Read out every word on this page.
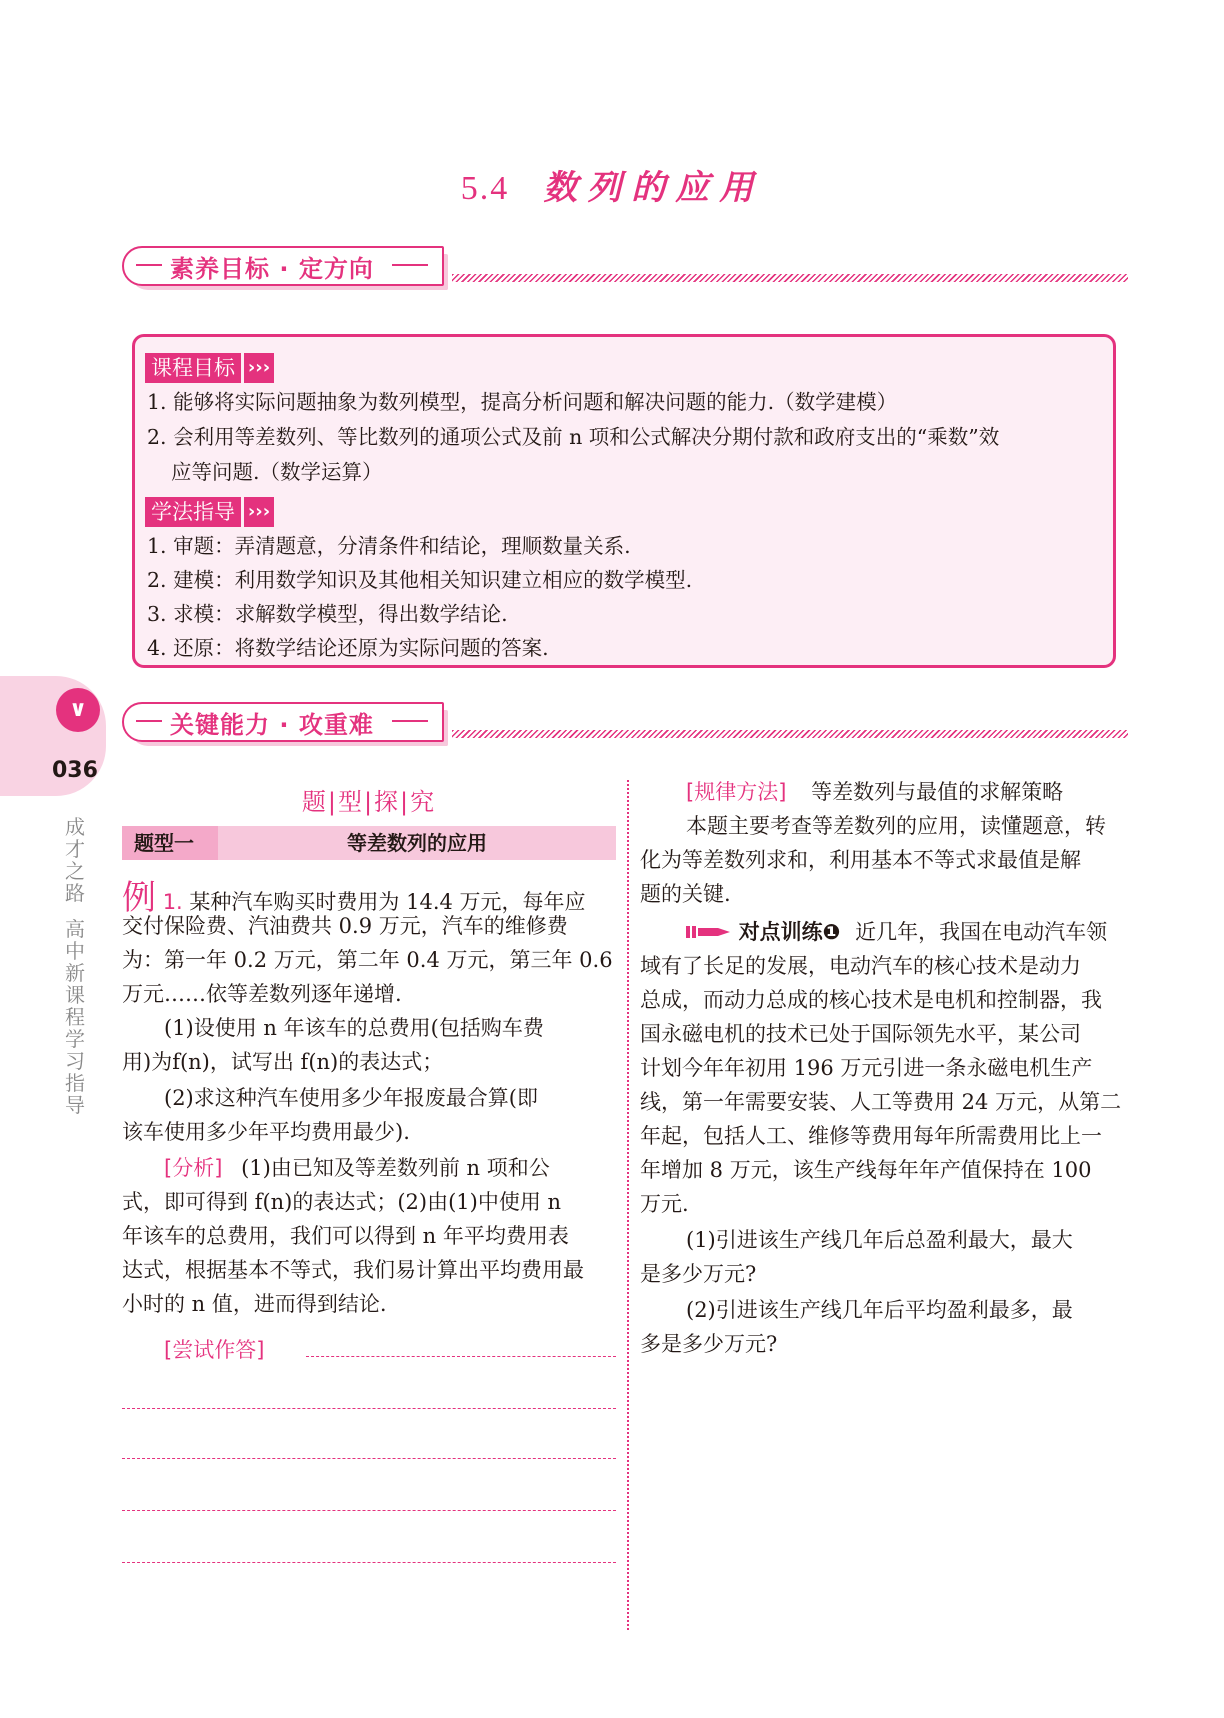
5.4 数列的应用
素养目标 · 定方向
课程目标 ›››
1. 能够将实际问题抽象为数列模型，提高分析问题和解决问题的能力.（数学建模）
2. 会利用等差数列、等比数列的通项公式及前 n 项和公式解决分期付款和政府支出的“乘数”效
应等问题.（数学运算）
学法指导 ›››
1. 审题：弄清题意，分清条件和结论，理顺数量关系.
2. 建模：利用数学知识及其他相关知识建立相应的数学模型.
3. 求模：求解数学模型，得出数学结论.
4. 还原：将数学结论还原为实际问题的答案.
∨
036
成才之路
高中新课程学习指导
关键能力 · 攻重难
题|型|探|究
题型一	等差数列的应用
例 1. 某种汽车购买时费用为 14.4 万元，每年应
交付保险费、汽油费共 0.9 万元，汽车的维修费
为：第一年 0.2 万元，第二年 0.4 万元，第三年 0.6
万元……依等差数列逐年递增.
(1)设使用 n 年该车的总费用(包括购车费
用)为f(n)，试写出 f(n)的表达式；
(2)求这种汽车使用多少年报废最合算(即
该车使用多少年平均费用最少).
[分析] (1)由已知及等差数列前 n 项和公
式，即可得到 f(n)的表达式；(2)由(1)中使用 n
年该车的总费用，我们可以得到 n 年平均费用表
达式，根据基本不等式，我们易计算出平均费用最
小时的 n 值，进而得到结论.
[尝试作答]
[规律方法] 等差数列与最值的求解策略
本题主要考查等差数列的应用，读懂题意，转
化为等差数列求和，利用基本不等式求最值是解
题的关键.
对点训练❶ 近几年，我国在电动汽车领
域有了长足的发展，电动汽车的核心技术是动力
总成，而动力总成的核心技术是电机和控制器，我
国永磁电机的技术已处于国际领先水平，某公司
计划今年年初用 196 万元引进一条永磁电机生产
线，第一年需要安装、人工等费用 24 万元，从第二
年起，包括人工、维修等费用每年所需费用比上一
年增加 8 万元，该生产线每年年产值保持在 100
万元.
(1)引进该生产线几年后总盈利最大，最大
是多少万元?
(2)引进该生产线几年后平均盈利最多，最
多是多少万元?
